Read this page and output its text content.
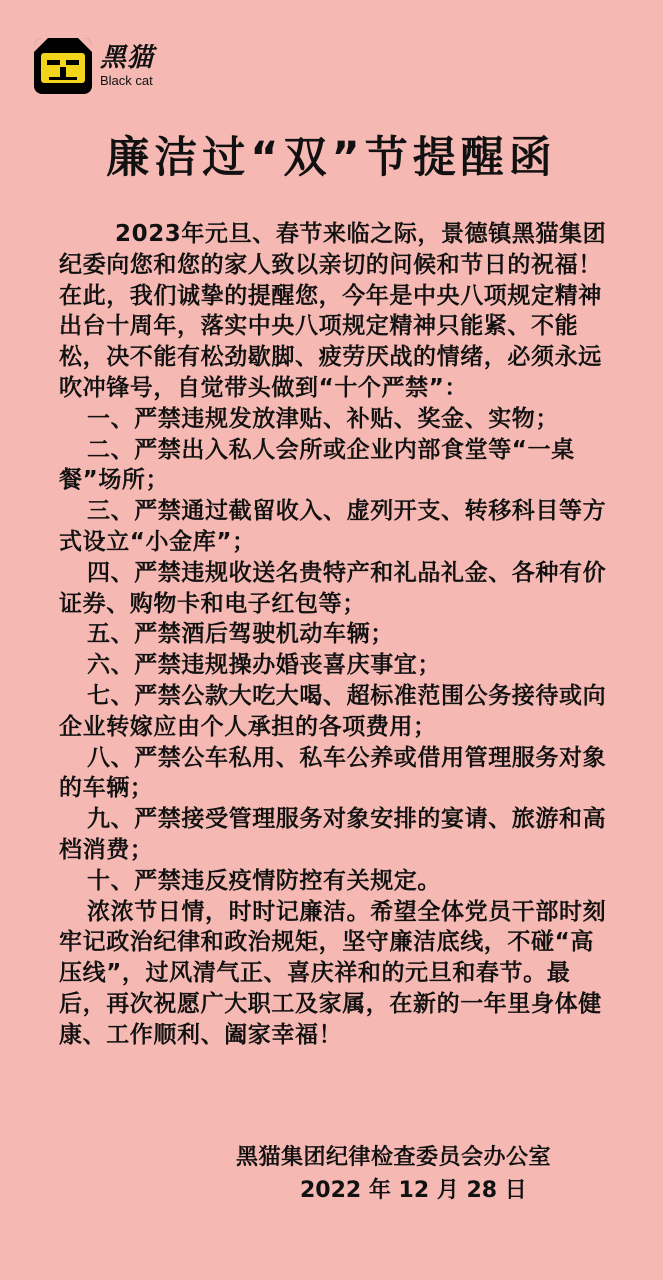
黑猫
Black cat
廉洁过“双”节提醒函

2023年元旦、春节来临之际，景德镇黑猫集团纪委向您和您的家人致以亲切的问候和节日的祝福！　在此，我们诚挚的提醒您，今年是中央八项规定精神出台十周年，落实中央八项规定精神只能紧、不能松，决不能有松劲歇脚、疲劳厌战的情绪，必须永远吹冲锋号，自觉带头做到“十个严禁”：

一、严禁违规发放津贴、补贴、奖金、实物；

二、严禁出入私人会所或企业内部食堂等“一桌餐”场所；

三、严禁通过截留收入、虚列开支、转移科目等方式设立“小金库”；

四、严禁违规收送名贵特产和礼品礼金、各种有价证券、购物卡和电子红包等；

五、严禁酒后驾驶机动车辆；

六、严禁违规操办婚丧喜庆事宜；

七、严禁公款大吃大喝、超标准范围公务接待或向企业转嫁应由个人承担的各项费用；

八、严禁公车私用、私车公养或借用管理服务对象的车辆；

九、严禁接受管理服务对象安排的宴请、旅游和高档消费；

十、严禁违反疫情防控有关规定。

浓浓节日情，时时记廉洁。希望全体党员干部时刻牢记政治纪律和政治规矩，坚守廉洁底线，不碰“高压线”，过风清气正、喜庆祥和的元旦和春节。最后，再次祝愿广大职工及家属，在新的一年里身体健康、工作顺利、阖家幸福！

黑猫集团纪律检查委员会办公室
2022 年 12 月 28 日
